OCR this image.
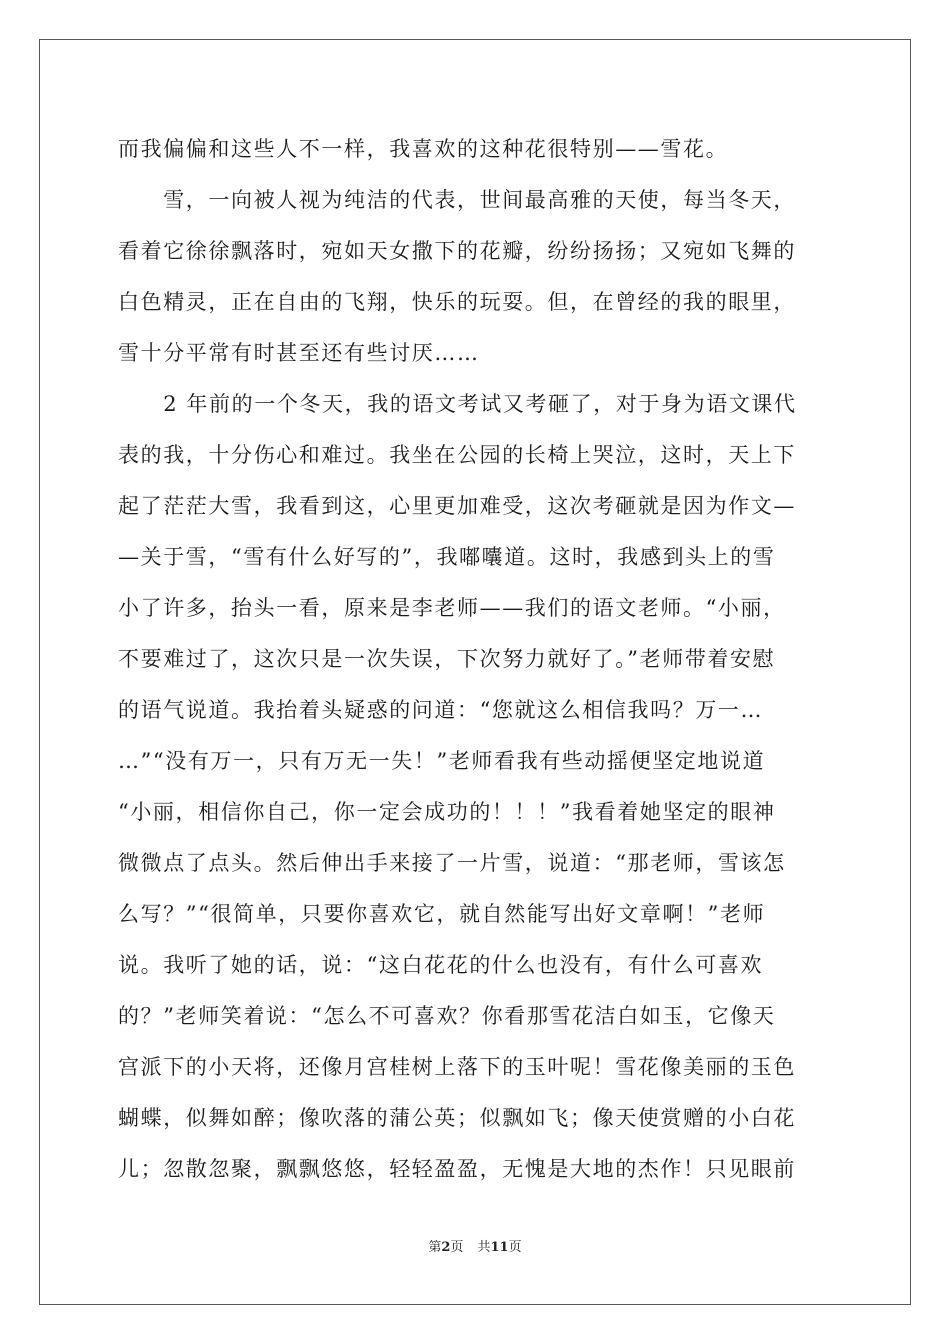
而我偏偏和这些人不一样，我喜欢的这种花很特别——雪花。
　　雪，一向被人视为纯洁的代表，世间最高雅的天使，每当冬天，
看着它徐徐飘落时，宛如天女撒下的花瓣，纷纷扬扬；又宛如飞舞的
白色精灵，正在自由的飞翔，快乐的玩耍。但，在曾经的我的眼里，
雪十分平常有时甚至还有些讨厌……
　　2 年前的一个冬天，我的语文考试又考砸了，对于身为语文课代
表的我，十分伤心和难过。我坐在公园的长椅上哭泣，这时，天上下
起了茫茫大雪，我看到这，心里更加难受，这次考砸就是因为作文—
—关于雪，“雪有什么好写的”，我嘟囔道。这时，我感到头上的雪
小了许多，抬头一看，原来是李老师——我们的语文老师。“小丽，
不要难过了，这次只是一次失误，下次努力就好了。”老师带着安慰
的语气说道。我抬着头疑惑的问道：“您就这么相信我吗？万一…
…”“没有万一，只有万无一失！”老师看我有些动摇便坚定地说道
“小丽，相信你自己，你一定会成功的！！！”我看着她坚定的眼神
微微点了点头。然后伸出手来接了一片雪，说道：“那老师，雪该怎
么写？”“很简单，只要你喜欢它，就自然能写出好文章啊！”老师
说。我听了她的话，说：“这白花花的什么也没有，有什么可喜欢
的？”老师笑着说：“怎么不可喜欢？你看那雪花洁白如玉，它像天
宫派下的小天将，还像月宫桂树上落下的玉叶呢！雪花像美丽的玉色
蝴蝶，似舞如醉；像吹落的蒲公英；似飘如飞；像天使赏赠的小白花
儿；忽散忽聚，飘飘悠悠，轻轻盈盈，无愧是大地的杰作！只见眼前
第2页 共11页
